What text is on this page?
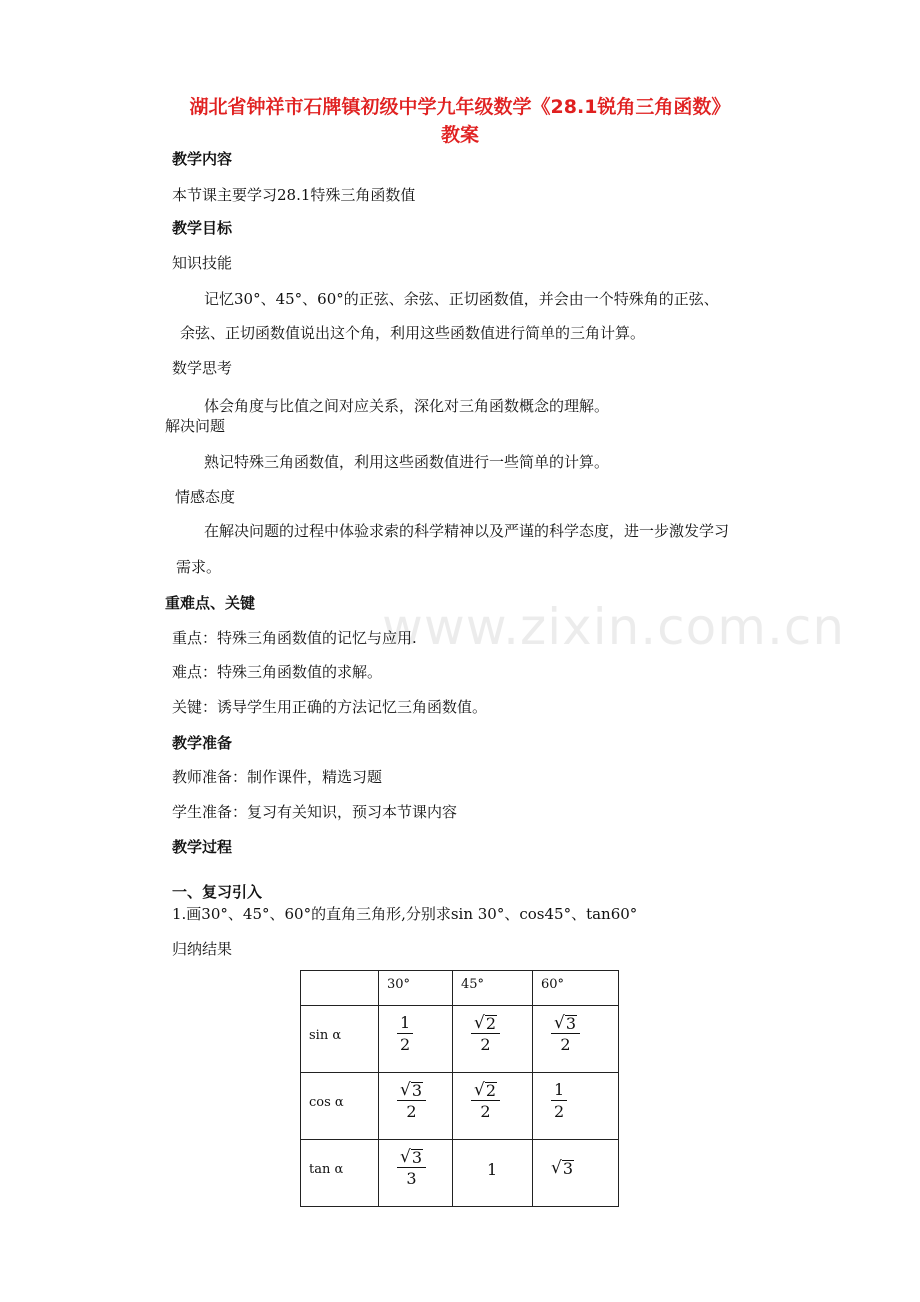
湖北省钟祥市石牌镇初级中学九年级数学《28.1锐角三角函数》
教案
教学内容
本节课主要学习28.1特殊三角函数值
教学目标
知识技能
记忆30°、45°、60°的正弦、余弦、正切函数值，并会由一个特殊角的正弦、
余弦、正切函数值说出这个角，利用这些函数值进行简单的三角计算。
数学思考
体会角度与比值之间对应关系，深化对三角函数概念的理解。
解决问题
熟记特殊三角函数值，利用这些函数值进行一些简单的计算。
情感态度
在解决问题的过程中体验求索的科学精神以及严谨的科学态度，进一步激发学习
需求。
重难点、关键
重点：特殊三角函数值的记忆与应用.
难点：特殊三角函数值的求解。
关键：诱导学生用正确的方法记忆三角函数值。
教学准备
教师准备：制作课件，精选习题
学生准备：复习有关知识，预习本节课内容
教学过程
一、复习引入
1.画30°、45°、60°的直角三角形,分别求sin 30°、cos45°、tan60°
归纳结果
www.zixin.com.cn

	30°	45°	60°

sin α	$\frac{1}{2}$	$\frac{√ 2}{2}$	$\frac{√ 3}{2}$

cos α	$\frac{√ 3}{2}$	$\frac{√ 2}{2}$	$\frac{1}{2}$

tan α	$\frac{√ 3}{3}$	1	√ 3
